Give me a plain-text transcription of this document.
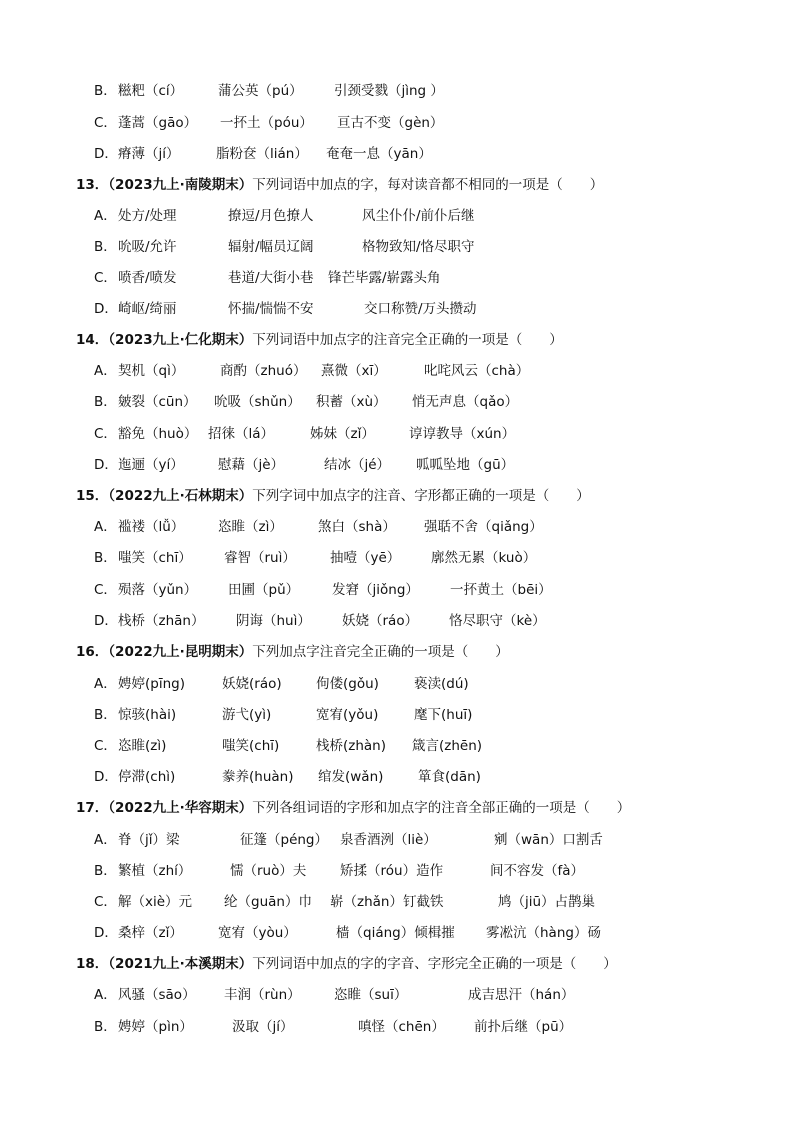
B． 糍粑（cí）	蒲公英（pú） 引颈受戮（jìng ）
C． 蓬蒿（gāo） 一抔土（póu） 亘古不变（gèn）
D． 瘠薄（jí）	脂粉奁（lián） 奄奄一息（yān）
13．（2023九上·南陵期末）下列词语中加点的字，每对读音都不相同的一项是（　　）
A． 处方/处理	撩逗/月色撩人	风尘仆仆/前仆后继
B． 吮吸/允许	辐射/幅员辽阔	格物致知/恪尽职守
C． 喷香/喷发	巷道/大街小巷 锋芒毕露/崭露头角
D． 崎岖/绮丽	怀揣/惴惴不安	交口称赞/万头攒动
14．（2023九上·仁化期末）下列词语中加点字的注音完全正确的一项是（　　）
A． 契机（qì）	商酌（zhuó） 熹微（xī）	叱咤风云（chà）
B． 皴裂（cūn） 吮吸（shǔn） 积蓄（xù） 悄无声息（qǎo）
C． 豁免（huò） 招徕（lá）	姊妹（zǐ）	谆谆教导（xún）
D． 迤逦（yí）	慰藉（jè）	结冰（jé） 呱呱坠地（gū）
15．（2022九上·石林期末）下列字词中加点字的注音、字形都正确的一项是（　　）
A． 褴褛（lǚ） 恣睢（zì）	煞白（shà） 强聒不舍（qiǎng）
B． 嗤笑（chī） 睿智（ruì）	抽噎（yē） 廓然无累（kuò）
C． 殒落（yǔn） 田圃（pǔ） 发窘（jiǒng） 一抔黄土（bēi）
D． 栈桥（zhān） 阴诲（huì） 妖娆（ráo） 恪尽职守（kè）
16．（2022九上·昆明期末）下列加点字注音完全正确的一项是（　　）
A． 娉婷(pīng)	妖娆(ráo)	佝偻(gǒu)	亵渎(dú)
B． 惊骇(hài)	游弋(yì)	宽宥(yǒu)	麾下(huī)
C． 恣睢(zì)	嗤笑(chī)	栈桥(zhàn) 箴言(zhēn)
D． 停滞(chì)	豢养(huàn) 绾发(wǎn)	箪食(dān)
17．（2022九上·华容期末）下列各组词语的字形和加点字的注音全部正确的一项是（　　）
A． 脊（jǐ）梁	征篷（péng） 泉香酒洌（liè）	剜（wān）口割舌
B． 繁植（zhí）	懦（ruò）夫 矫揉（róu）造作	间不容发（fà）
C． 解（xiè）元 纶（guān）巾 崭（zhǎn）钉截铁	鸠（jiū）占鹊巢
D． 桑梓（zǐ）	宽宥（yòu）	樯（qiáng）倾楫摧 雾凇沆（hàng）砀
18．（2021九上·本溪期末）下列词语中加点的字的字音、字形完全正确的一项是（　　）
A． 风骚（sāo） 丰润（rùn） 恣睢（suī）	成吉思汗（hán）
B． 娉婷（pìn）	汲取（jí）	嗔怪（chēn） 前扑后继（pū）
